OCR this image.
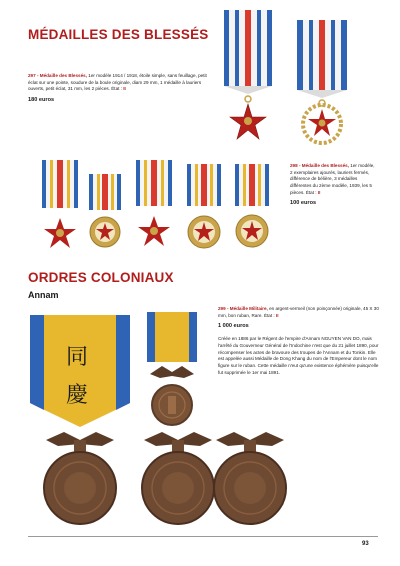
MÉDAILLES DES BLESSÉS
297 - Médaille des Blessés, 1er modèle 1914 / 1918, étoile simple, sans feuillage, petit éclat sur une pointe, soudure de la boule originale, diam 29 mm, 1 médaille à lauriers ouverts, petit éclat, 31 mm, les 2 pièces. État : II
180 euros
298 - Médaille des Blessés, 1er modèle, 2 exemplaires ajourés, lauriers fermés, différence de bélière, 3 médailles différentes du 2ème modèle, 1939, les 5 pièces. État : II
100 euros
ORDRES COLONIAUX
Annam
同
慶
299 - Médaille Militaire, en argent-vermeil (non poinçonnée) originale, 45 X 30 mm, bon ruban, Rare. État : II
1 000 euros
Créée en 1886 par le Régent de l'empire d'Annam NGUYEN VAN DO, mais l'arrêté du Gouverneur Général de l'Indochine n'est que du 21 juillet 1890, pour récompenser les actes de bravoure des troupes de l'Annam et du Tonkin. Elle est appelée aussi Médaille de Dong Khang du nom de l'Empereur dont le nom figure sur le ruban. Cette médaille n'eut qu'une existence éphémère puisqu'elle fut supprimée le 1er mai 1891.
93
